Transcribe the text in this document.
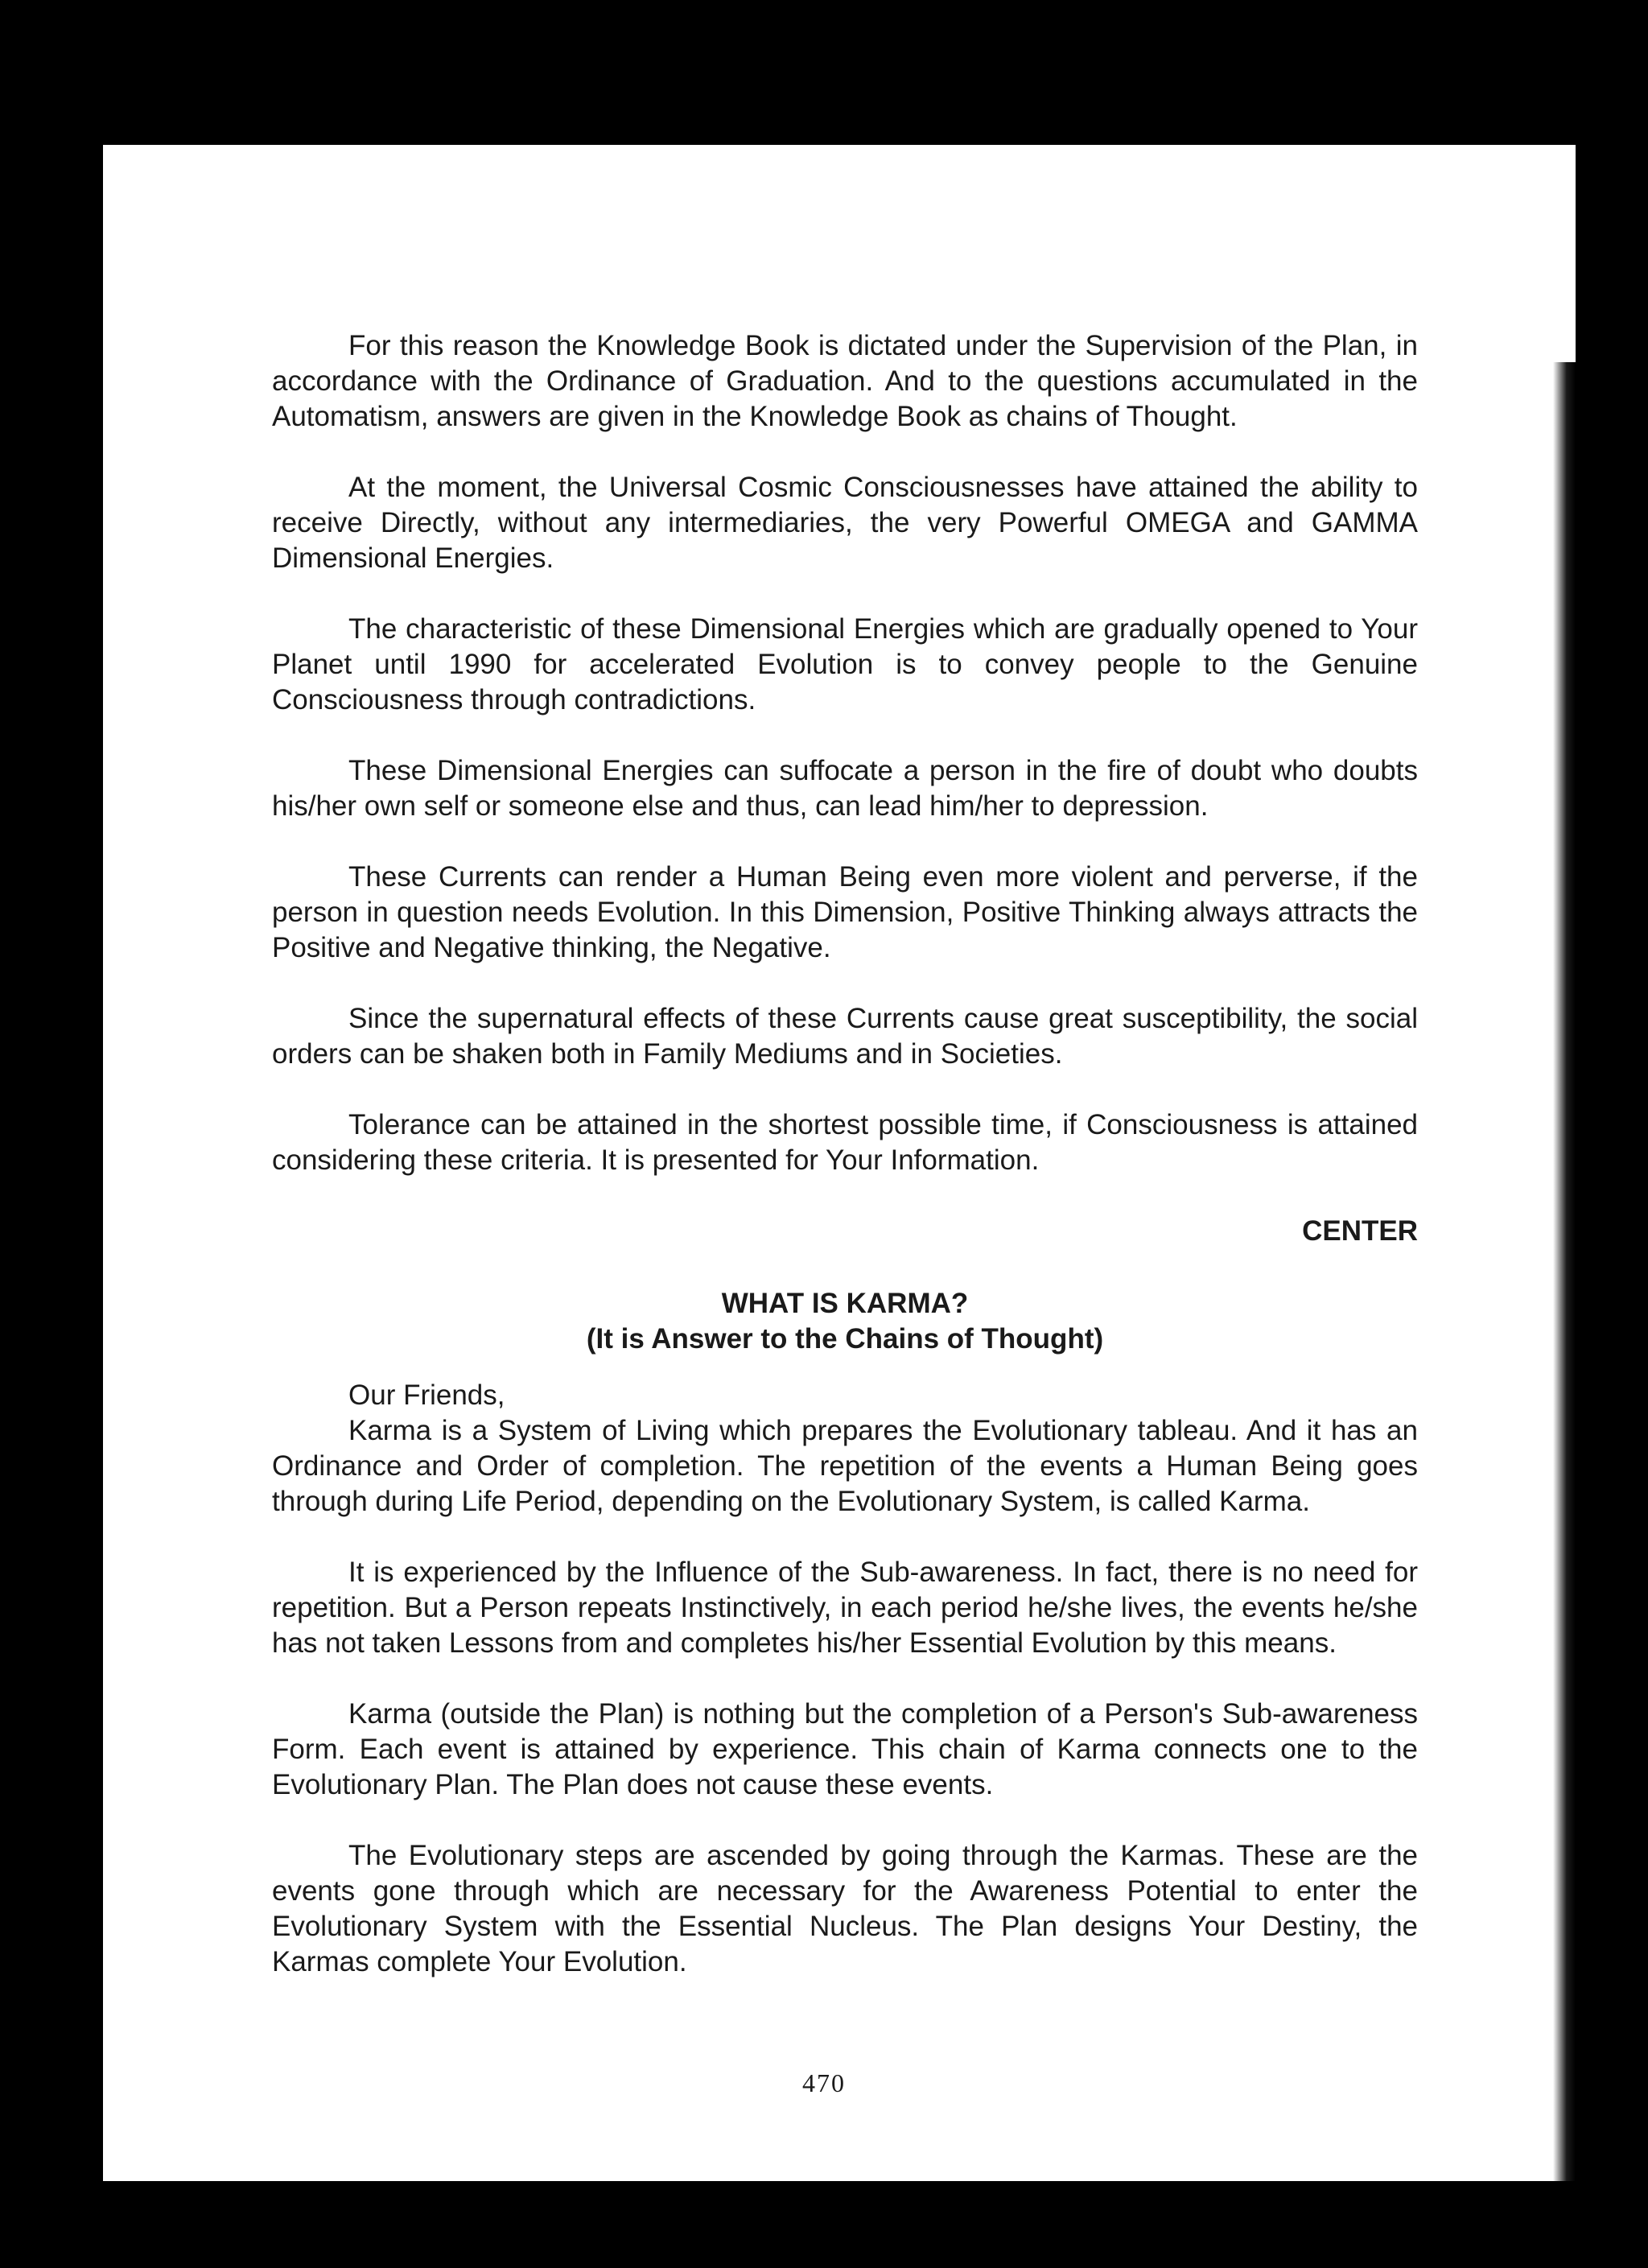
For this reason the Knowledge Book is dictated under the Supervision of the Plan, in accordance with the Ordinance of Graduation. And to the questions accumulated in the Automatism, answers are given in the Knowledge Book as chains of Thought.

At the moment, the Universal Cosmic Consciousnesses have attained the ability to receive Directly, without any intermediaries, the very Powerful OMEGA and GAMMA Dimensional Energies.

The characteristic of these Dimensional Energies which are gradually opened to Your Planet until 1990 for accelerated Evolution is to convey people to the Genuine Consciousness through contradictions.

These Dimensional Energies can suffocate a person in the fire of doubt who doubts his/her own self or someone else and thus, can lead him/her to depression.

These Currents can render a Human Being even more violent and perverse, if the person in question needs Evolution. In this Dimension, Positive Thinking always attracts the Positive and Negative thinking, the Negative.

Since the supernatural effects of these Currents cause great susceptibility, the social orders can be shaken both in Family Mediums and in Societies.

Tolerance can be attained in the shortest possible time, if Consciousness is attained considering these criteria. It is presented for Your Information.

CENTER

WHAT IS KARMA?

(It is Answer to the Chains of Thought)

Our Friends,

Karma is a System of Living which prepares the Evolutionary tableau. And it has an Ordinance and Order of completion. The repetition of the events a Human Being goes through during Life Period, depending on the Evolutionary System, is called Karma.

It is experienced by the Influence of the Sub-awareness. In fact, there is no need for repetition. But a Person repeats Instinctively, in each period he/she lives, the events he/she has not taken Lessons from and completes his/her Essential Evolution by this means.

Karma (outside the Plan) is nothing but the completion of a Person's Sub-awareness Form. Each event is attained by experience. This chain of Karma connects one to the Evolutionary Plan. The Plan does not cause these events.

The Evolutionary steps are ascended by going through the Karmas. These are the events gone through which are necessary for the Awareness Potential to enter the Evolutionary System with the Essential Nucleus. The Plan designs Your Destiny, the Karmas complete Your Evolution.

470
